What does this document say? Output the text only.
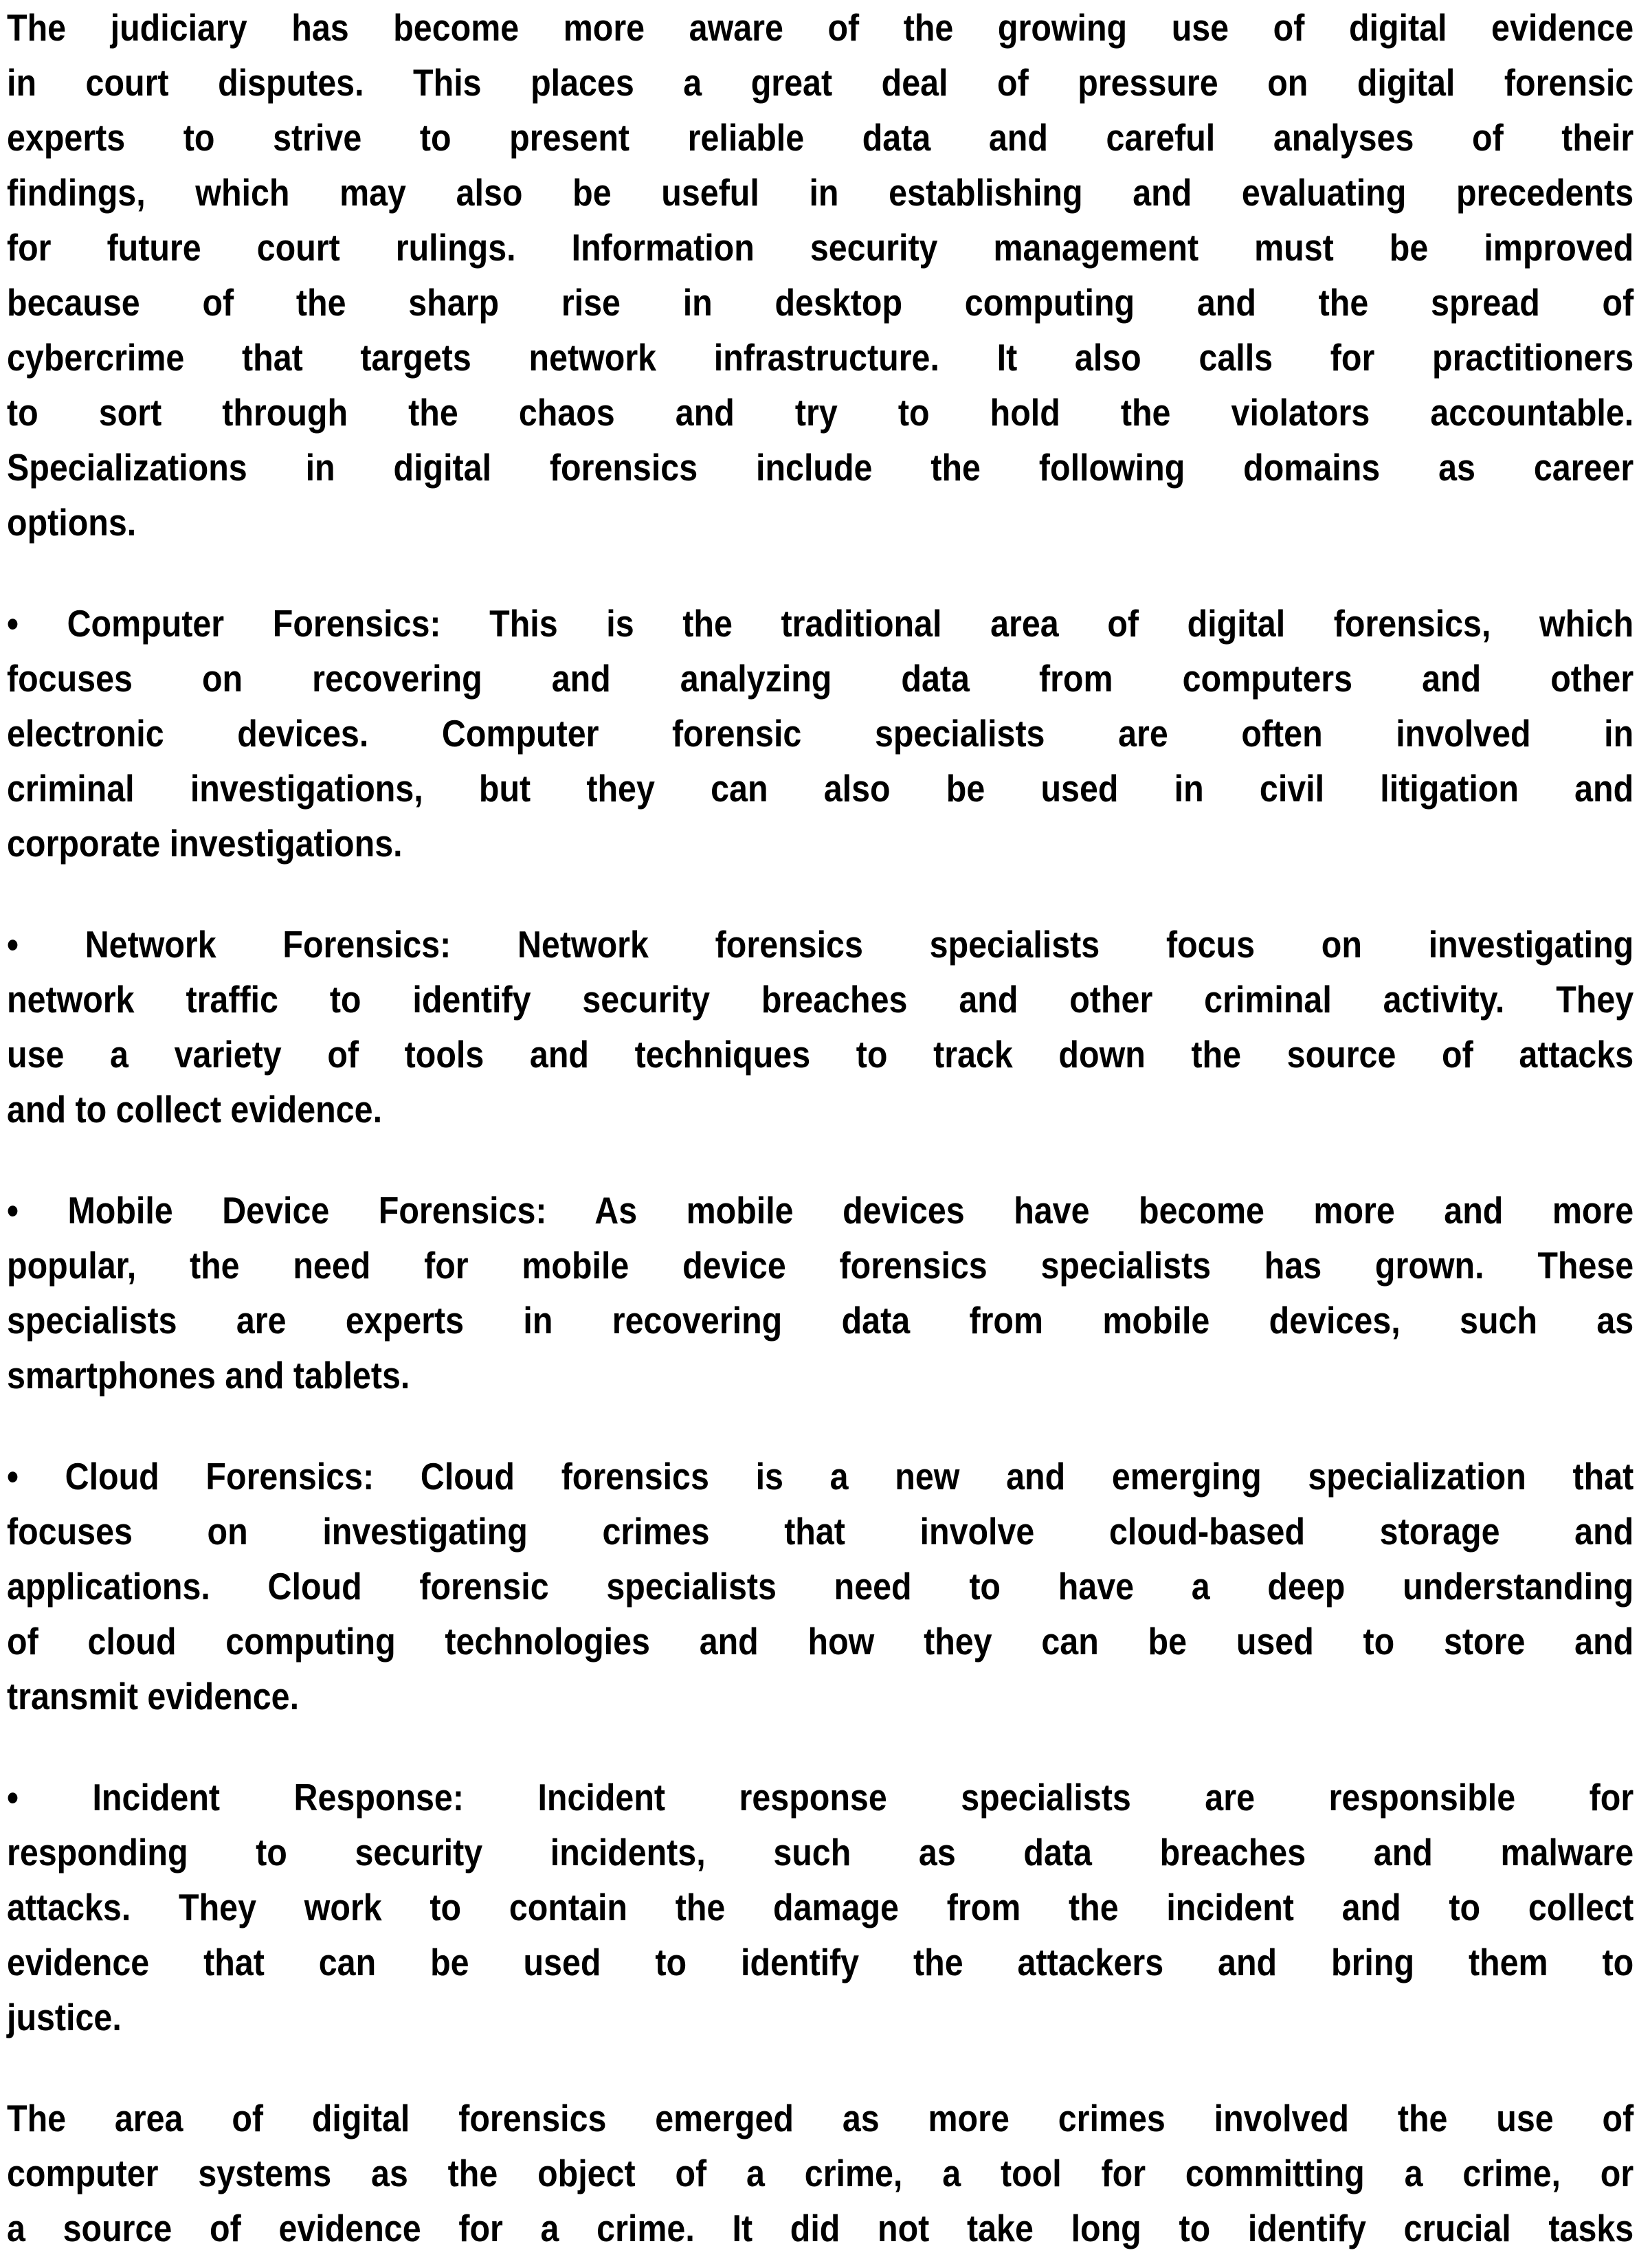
The judiciary has become more aware of the growing use of digital evidence
in court disputes. This places a great deal of pressure on digital forensic
experts to strive to present reliable data and careful analyses of their
findings, which may also be useful in establishing and evaluating precedents
for future court rulings. Information security management must be improved
because of the sharp rise in desktop computing and the spread of
cybercrime that targets network infrastructure. It also calls for practitioners
to sort through the chaos and try to hold the violators accountable.
Specializations in digital forensics include the following domains as career
options.
• Computer Forensics: This is the traditional area of digital forensics, which
focuses on recovering and analyzing data from computers and other
electronic devices. Computer forensic specialists are often involved in
criminal investigations, but they can also be used in civil litigation and
corporate investigations.
• Network Forensics: Network forensics specialists focus on investigating
network traffic to identify security breaches and other criminal activity. They
use a variety of tools and techniques to track down the source of attacks
and to collect evidence.
• Mobile Device Forensics: As mobile devices have become more and more
popular, the need for mobile device forensics specialists has grown. These
specialists are experts in recovering data from mobile devices, such as
smartphones and tablets.
• Cloud Forensics: Cloud forensics is a new and emerging specialization that
focuses on investigating crimes that involve cloud-based storage and
applications. Cloud forensic specialists need to have a deep understanding
of cloud computing technologies and how they can be used to store and
transmit evidence.
• Incident Response: Incident response specialists are responsible for
responding to security incidents, such as data breaches and malware
attacks. They work to contain the damage from the incident and to collect
evidence that can be used to identify the attackers and bring them to
justice.
The area of digital forensics emerged as more crimes involved the use of
computer systems as the object of a crime, a tool for committing a crime, or
a source of evidence for a crime. It did not take long to identify crucial tasks
